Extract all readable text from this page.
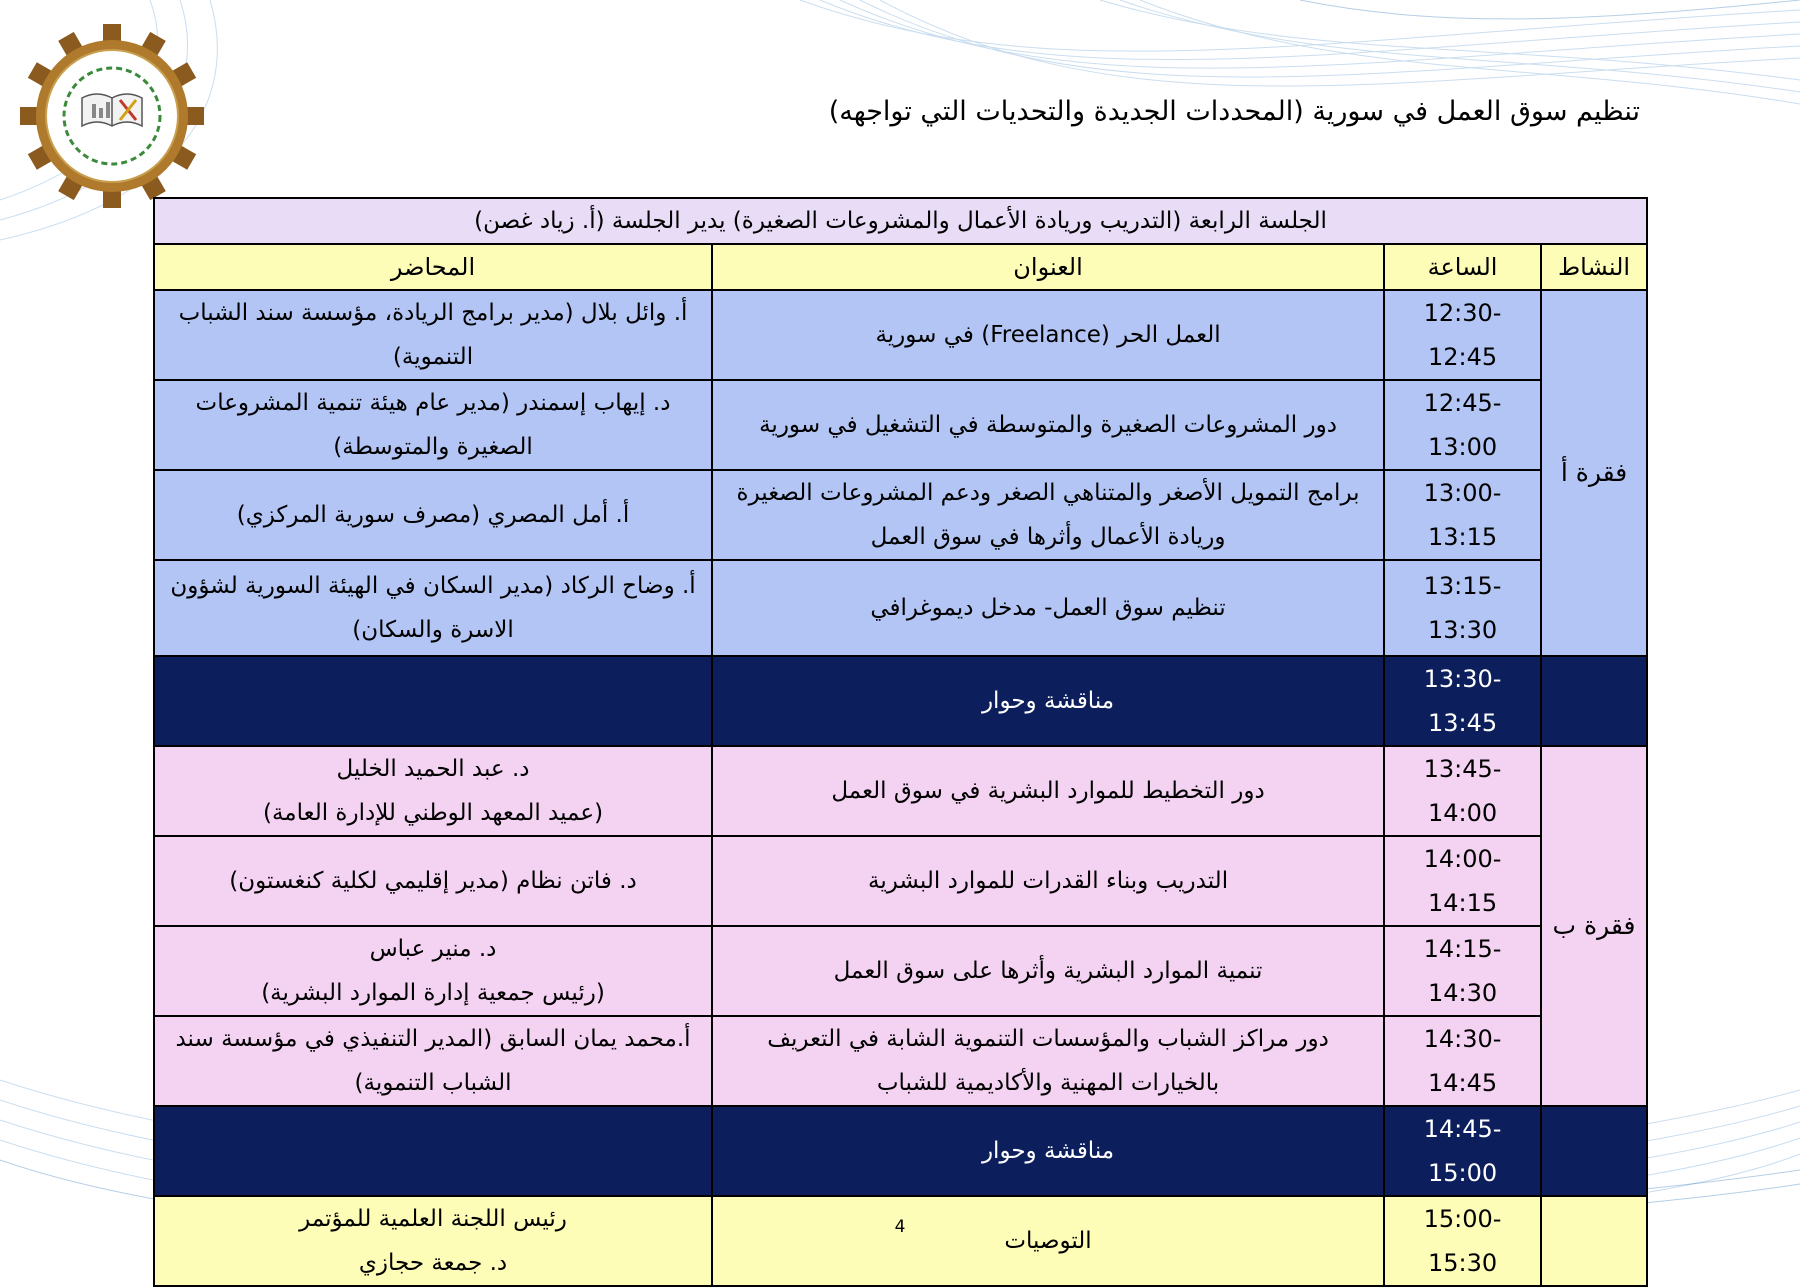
تنظيم سوق العمل في سورية (المحددات الجديدة والتحديات التي تواجهه)
الجلسة الرابعة (التدريب وريادة الأعمال والمشروعات الصغيرة) يدير الجلسة (أ. زياد غصن)			
النشاط	الساعة	العنوان	المحاضر
فقرة أ	12:30-12:45	العمل الحر (Freelance) في سورية	أ. وائل بلال (مدير برامج الريادة، مؤسسة سند الشباب التنموية)
	12:45-13:00	دور المشروعات الصغيرة والمتوسطة في التشغيل في سورية	د. إيهاب إسمندر (مدير عام هيئة تنمية المشروعات الصغيرة والمتوسطة)
	13:00-13:15	برامج التمويل الأصغر والمتناهي الصغر ودعم المشروعات الصغيرة وريادة الأعمال وأثرها في سوق العمل	أ. أمل المصري (مصرف سورية المركزي)
	13:15-13:30	تنظيم سوق العمل- مدخل ديموغرافي	أ. وضاح الركاد (مدير السكان في الهيئة السورية لشؤون الاسرة والسكان)
	13:30-13:45	مناقشة وحوار	
فقرة ب	13:45-14:00	دور التخطيط للموارد البشرية في سوق العمل	د. عبد الحميد الخليل
(عميد المعهد الوطني للإدارة العامة)

	14:00-14:15	التدريب وبناء القدرات للموارد البشرية	د. فاتن نظام (مدير إقليمي لكلية كنغستون)
	14:15-14:30	تنمية الموارد البشرية وأثرها على سوق العمل	د. منير عباس
(رئيس جمعية إدارة الموارد البشرية)

	14:30-14:45	دور مراكز الشباب والمؤسسات التنموية الشابة في التعريف بالخيارات المهنية والأكاديمية للشباب	أ.محمد يمان السابق (المدير التنفيذي في مؤسسة سند الشباب التنموية)
	14:45-15:00	مناقشة وحوار	
	15:00-15:30	التوصيات	رئيس اللجنة العلمية للمؤتمر
د. جمعة حجازي
4
